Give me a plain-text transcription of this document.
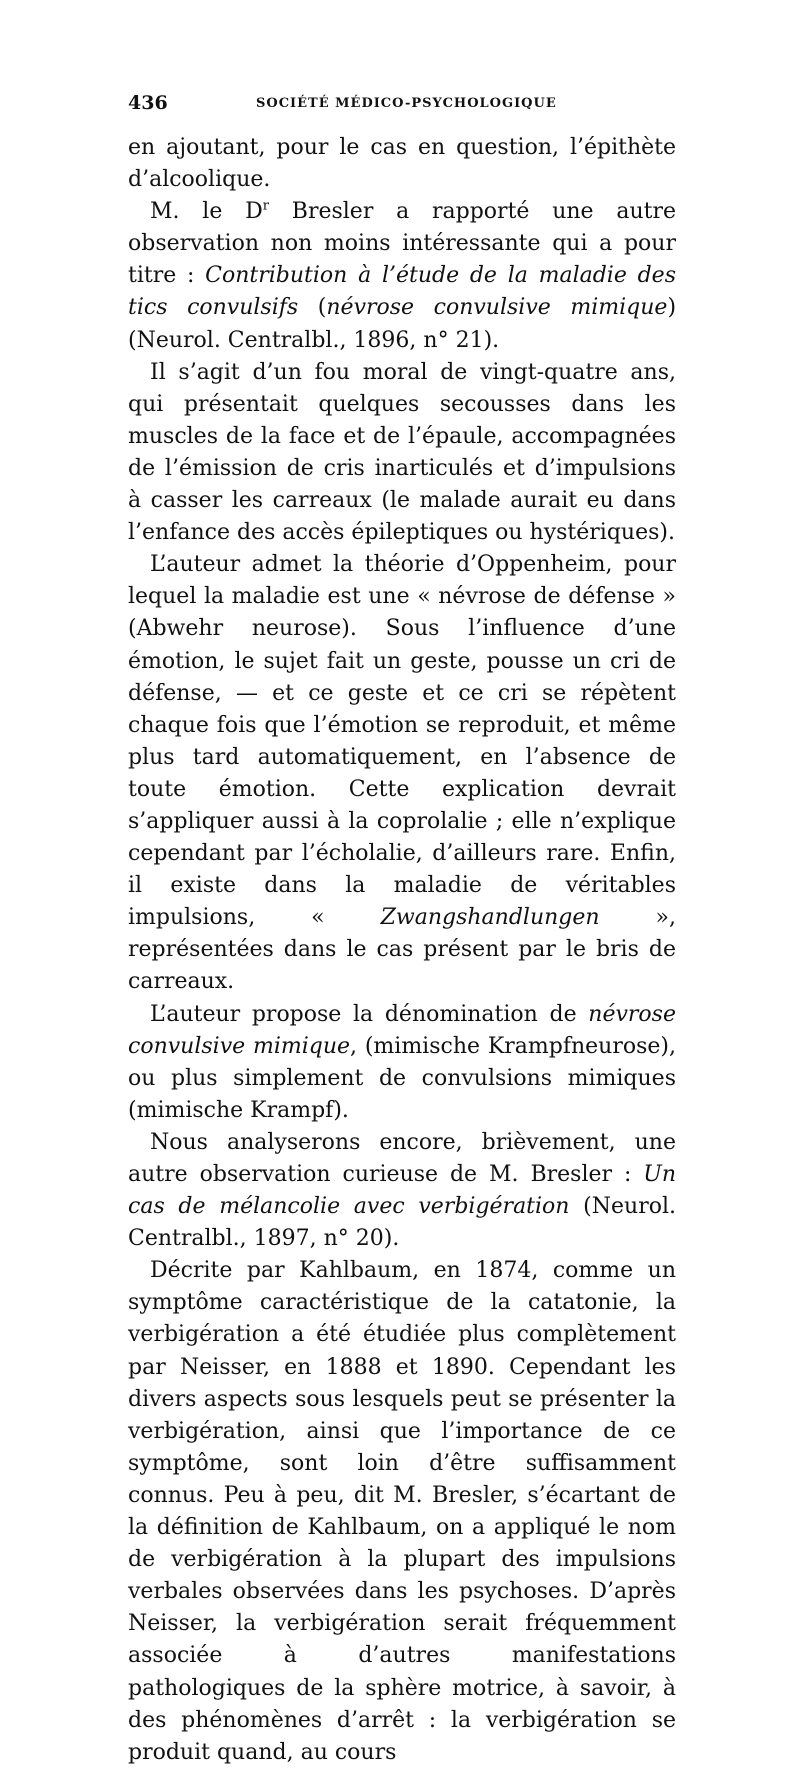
436	SOCIÉTÉ MÉDICO-PSYCHOLOGIQUE

en ajoutant, pour le cas en question, l’épithète d’alcoolique.

M. le $D^r$ Bresler a rapporté une autre observation non moins intéressante qui a pour titre : Contribution à l’étude de la maladie des tics convulsifs (névrose convulsive mimique) (Neurol. Centralbl., 1896, n° 21).

Il s’agit d’un fou moral de vingt-quatre ans, qui présentait quelques secousses dans les muscles de la face et de l’épaule, accompagnées de l’émission de cris inarticulés et d’impulsions à casser les carreaux (le malade aurait eu dans l’enfance des accès épileptiques ou hystériques).

L’auteur admet la théorie d’Oppenheim, pour lequel la maladie est une « névrose de défense » (Abwehr neurose). Sous l’influence d’une émotion, le sujet fait un geste, pousse un cri de défense, — et ce geste et ce cri se répètent chaque fois que l’émotion se reproduit, et même plus tard automatiquement, en l’absence de toute émotion. Cette explication devrait s’appliquer aussi à la coprolalie ; elle n’explique cependant par l’écholalie, d’ailleurs rare. Enfin, il existe dans la maladie de véritables impulsions, « Zwangshandlungen », représentées dans le cas présent par le bris de carreaux.

L’auteur propose la dénomination de névrose convulsive mimique, (mimische Krampfneurose), ou plus simplement de convulsions mimiques (mimische Krampf).

Nous analyserons encore, brièvement, une autre observation curieuse de M. Bresler : Un cas de mélancolie avec verbigération (Neurol. Centralbl., 1897, n° 20).

Décrite par Kahlbaum, en 1874, comme un symptôme caractéristique de la catatonie, la verbigération a été étudiée plus complètement par Neisser, en 1888 et 1890. Cependant les divers aspects sous lesquels peut se présenter la verbigération, ainsi que l’importance de ce symptôme, sont loin d’être suffisamment connus. Peu à peu, dit M. Bresler, s’écartant de la définition de Kahlbaum, on a appliqué le nom de verbigération à la plupart des impulsions verbales observées dans les psychoses. D’après Neisser, la verbigération serait fréquemment associée à d’autres manifestations pathologiques de la sphère motrice, à savoir, à des phénomènes d’arrêt : la verbigération se produit quand, au cours
